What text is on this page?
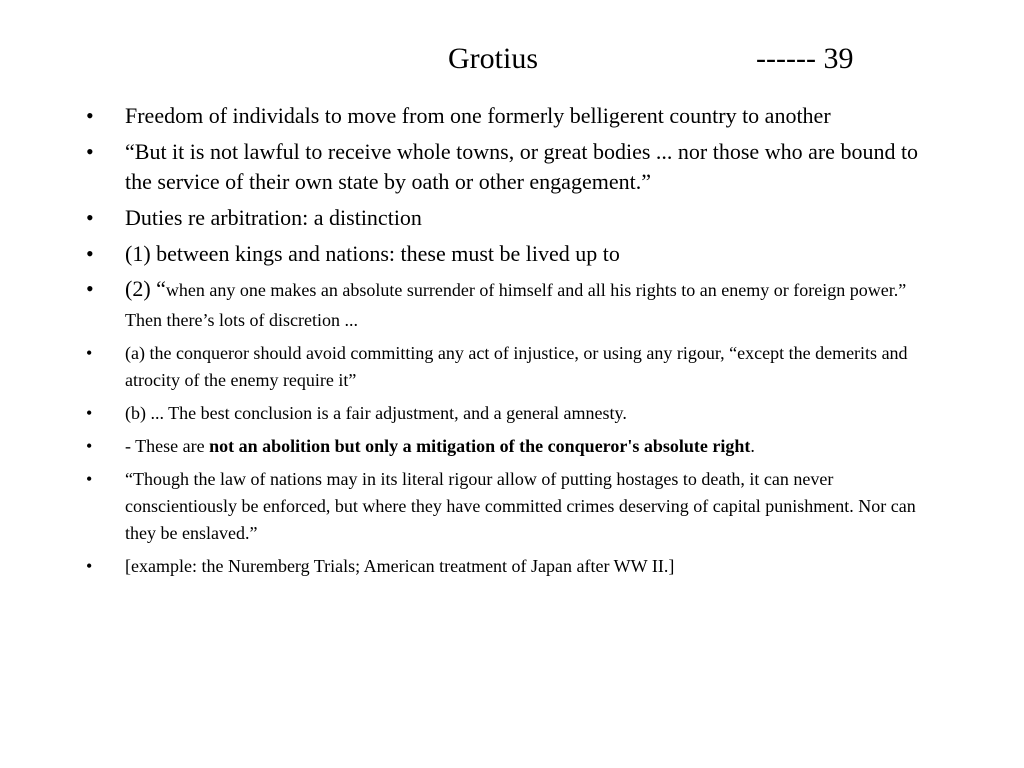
Grotius	------ 39
• Freedom of individals to move from one formerly belligerent country to another
• “But it is not lawful to receive whole towns, or great bodies ... nor those who are bound to the service of their own state by oath or other engagement.”
• Duties re arbitration: a distinction
• (1) between kings and nations: these must be lived up to
• (2) “when any one makes an absolute surrender of himself and all his rights to an enemy or foreign power.” Then there’s lots of discretion ...
• (a) the conqueror should avoid committing any act of injustice, or using any rigour, “except the demerits and atrocity of the enemy require it”
• (b) ... The best conclusion is a fair adjustment, and a general amnesty.
• - These are not an abolition but only a mitigation of the conqueror's absolute right.
• “Though the law of nations may in its literal rigour allow of putting hostages to death, it can never conscientiously be enforced, but where they have committed crimes deserving of capital punishment. Nor can they be enslaved.”
• [example: the Nuremberg Trials; American treatment of Japan after WW II.]
